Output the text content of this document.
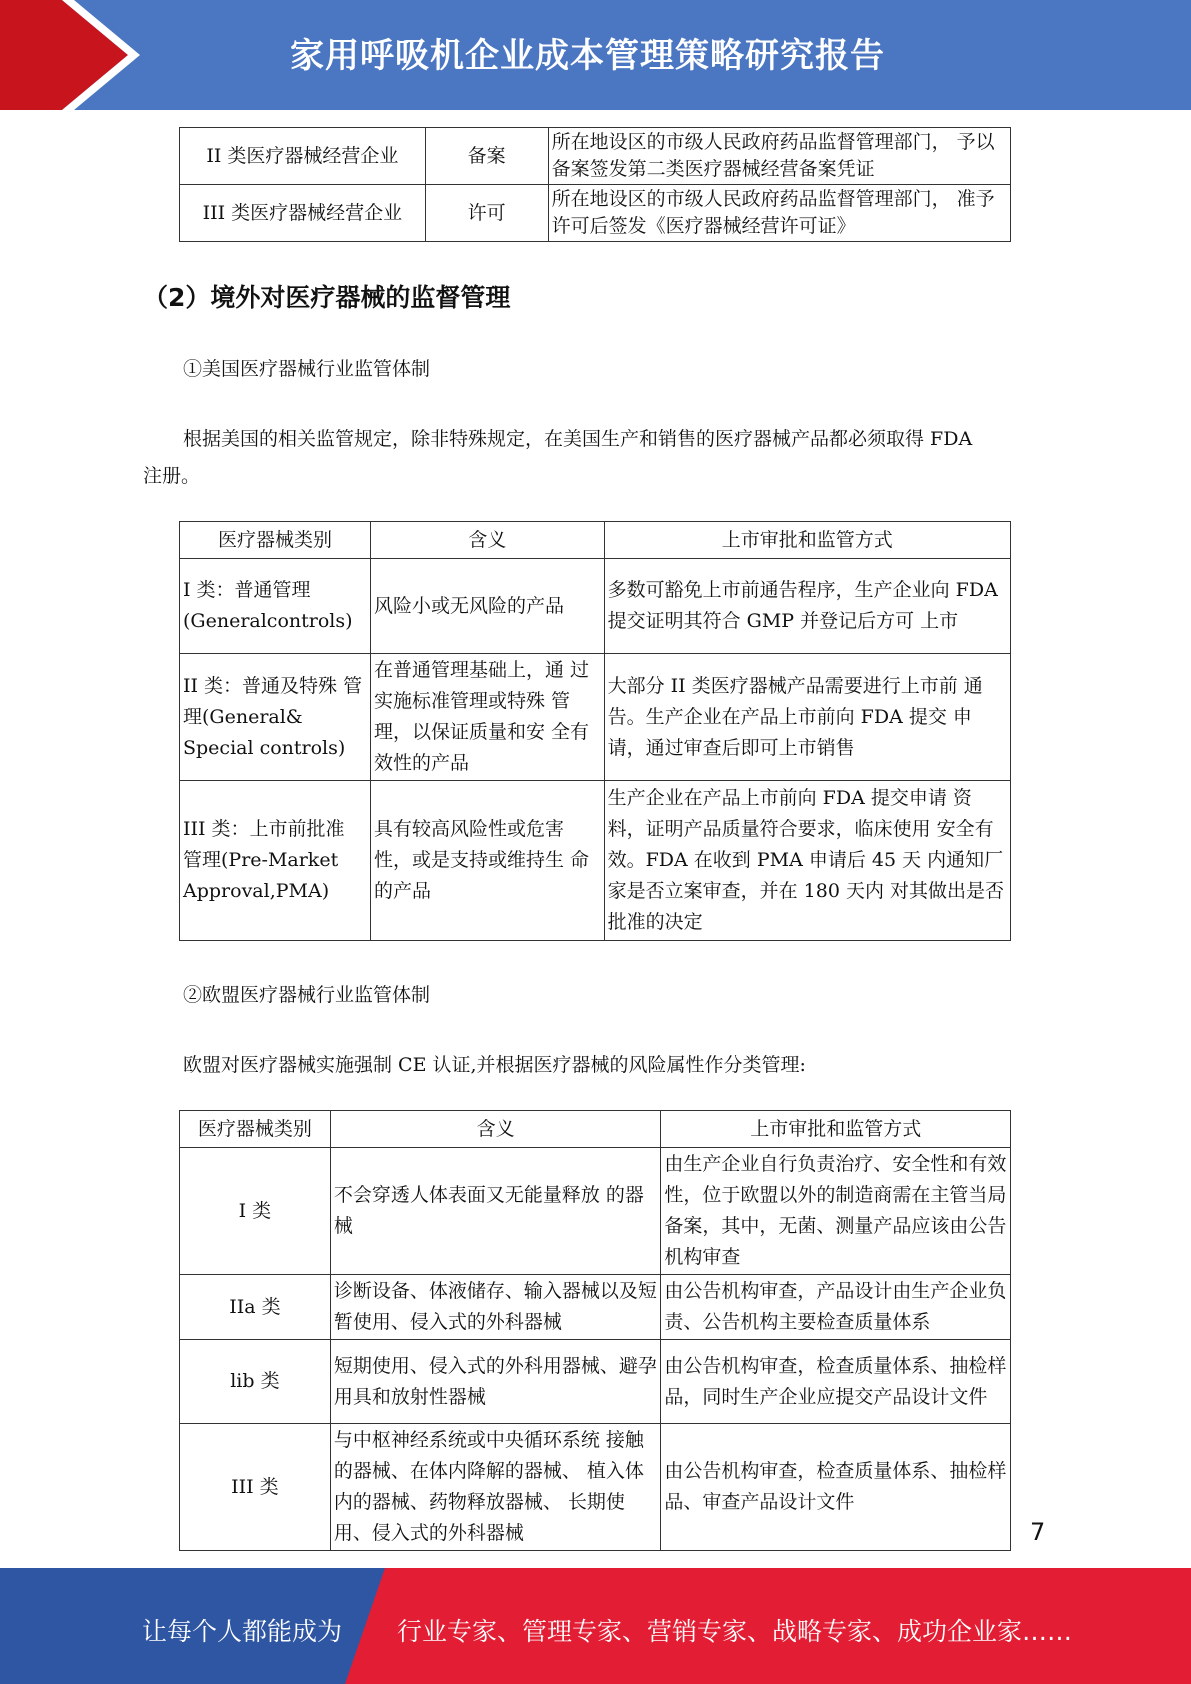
家用呼吸机企业成本管理策略研究报告
II 类医疗器械经营企业	备案	所在地设区的市级人民政府药品监督管理部门， 予以备案签发第二类医疗器械经营备案凭证
III 类医疗器械经营企业	许可	所在地设区的市级人民政府药品监督管理部门， 准予许可后签发《医疗器械经营许可证》
（2）境外对医疗器械的监督管理
①美国医疗器械行业监管体制
根据美国的相关监管规定，除非特殊规定，在美国生产和销售的医疗器械产品都必须取得 FDA
注册。
医疗器械类别	含义	上市审批和监管方式
I 类：普通管理 (Generalcontrols)	风险小或无风险的产品	多数可豁免上市前通告程序，生产企业向 FDA 提交证明其符合 GMP 并登记后方可 上市
II 类：普通及特殊 管理(General& Special controls)	在普通管理基础上，通 过实施标准管理或特殊 管理，以保证质量和安 全有效性的产品	大部分 II 类医疗器械产品需要进行上市前 通告。生产企业在产品上市前向 FDA 提交 申请，通过审查后即可上市销售
III 类：上市前批准 管理(Pre-Market Approval,PMA)	具有较高风险性或危害 性，或是支持或维持生 命的产品	生产企业在产品上市前向 FDA 提交申请 资料，证明产品质量符合要求，临床使用 安全有效。FDA 在收到 PMA 申请后 45 天 内通知厂家是否立案审查，并在 180 天内 对其做出是否批准的决定
②欧盟医疗器械行业监管体制
欧盟对医疗器械实施强制 CE 认证,并根据医疗器械的风险属性作分类管理:
医疗器械类别	含义	上市审批和监管方式
I 类	不会穿透人体表面又无能量释放 的器械	由生产企业自行负责治疗、安全性和有效性，位于欧盟以外的制造商需在主管当局备案，其中，无菌、测量产品应该由公告机构审查
IIa 类	诊断设备、体液储存、输入器械以及短暂使用、侵入式的外科器械	由公告机构审查，产品设计由生产企业负责、公告机构主要检查质量体系
lib 类	短期使用、侵入式的外科用器械、避孕用具和放射性器械	由公告机构审查，检查质量体系、抽检样品，同时生产企业应提交产品设计文件
III 类	与中枢神经系统或中央循环系统 接触的器械、在体内降解的器械、 植入体内的器械、药物释放器械、 长期使用、侵入式的外科器械	由公告机构审查，检查质量体系、抽检样品、审查产品设计文件
7
让每个人都能成为 行业专家、管理专家、营销专家、战略专家、成功企业家……
